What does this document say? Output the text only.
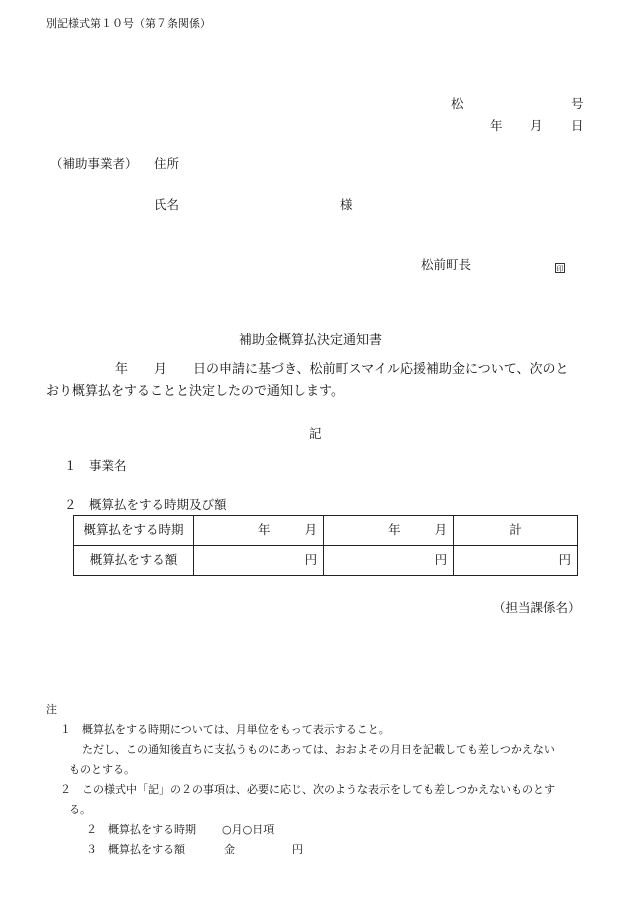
別記様式第１０号（第７条関係）
松	号
年 月 日
（補助事業者） 住所
氏名	様
松前町長	印
補助金概算払決定通知書
年　　月　　日の申請に基づき、松前町スマイル応援補助金について、次のと
おり概算払をすることと決定したので通知します。
記
１　事業名
２　概算払をする時期及び額
概算払をする時期	年 月	年 月	計
概算払をする額	円	円	円
（担当課係名）
注
１　概算払をする時期については、月単位をもって表示すること。
ただし、この通知後直ちに支払うものにあっては、おおよその月日を記載しても差しつかえない
ものとする。
２　この様式中「記」の２の事項は、必要に応じ、次のような表示をしても差しつかえないものとす
る。
２　概算払をする時期 ○月○日項
３　概算払をする額	金	円
